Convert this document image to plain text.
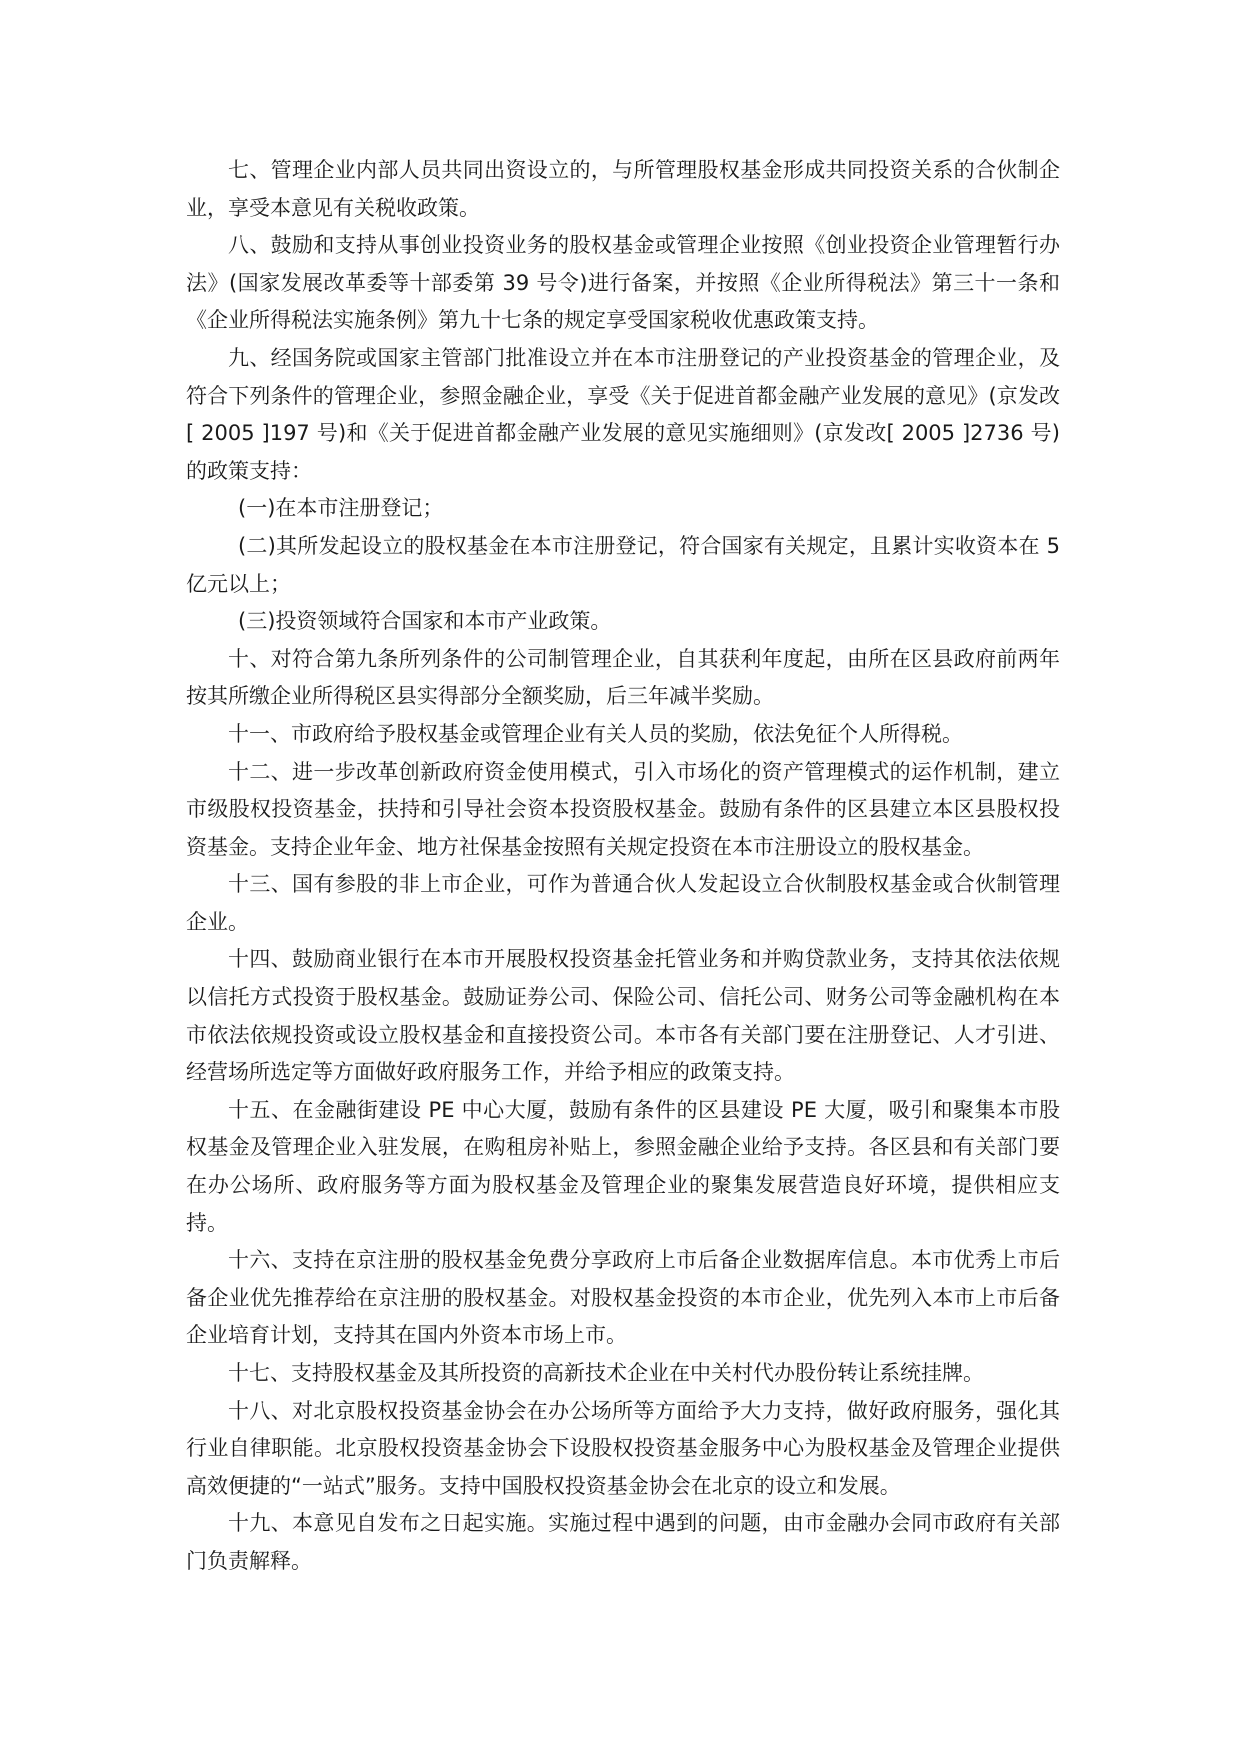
七、管理企业内部人员共同出资设立的，与所管理股权基金形成共同投资关系的合伙制企业，享受本意见有关税收政策。

八、鼓励和支持从事创业投资业务的股权基金或管理企业按照《创业投资企业管理暂行办法》(国家发展改革委等十部委第 39 号令)进行备案，并按照《企业所得税法》第三十一条和《企业所得税法实施条例》第九十七条的规定享受国家税收优惠政策支持。

九、经国务院或国家主管部门批准设立并在本市注册登记的产业投资基金的管理企业，及符合下列条件的管理企业，参照金融企业，享受《关于促进首都金融产业发展的意见》(京发改[ 2005 ]197 号)和《关于促进首都金融产业发展的意见实施细则》(京发改[ 2005 ]2736 号)的政策支持：

(一)在本市注册登记；

(二)其所发起设立的股权基金在本市注册登记，符合国家有关规定，且累计实收资本在 5 亿元以上；

(三)投资领域符合国家和本市产业政策。

十、对符合第九条所列条件的公司制管理企业，自其获利年度起，由所在区县政府前两年按其所缴企业所得税区县实得部分全额奖励，后三年减半奖励。

十一、市政府给予股权基金或管理企业有关人员的奖励，依法免征个人所得税。

十二、进一步改革创新政府资金使用模式，引入市场化的资产管理模式的运作机制，建立市级股权投资基金，扶持和引导社会资本投资股权基金。鼓励有条件的区县建立本区县股权投资基金。支持企业年金、地方社保基金按照有关规定投资在本市注册设立的股权基金。

十三、国有参股的非上市企业，可作为普通合伙人发起设立合伙制股权基金或合伙制管理企业。

十四、鼓励商业银行在本市开展股权投资基金托管业务和并购贷款业务，支持其依法依规以信托方式投资于股权基金。鼓励证券公司、保险公司、信托公司、财务公司等金融机构在本市依法依规投资或设立股权基金和直接投资公司。本市各有关部门要在注册登记、人才引进、经营场所选定等方面做好政府服务工作，并给予相应的政策支持。

十五、在金融街建设 PE 中心大厦，鼓励有条件的区县建设 PE 大厦，吸引和聚集本市股权基金及管理企业入驻发展，在购租房补贴上，参照金融企业给予支持。各区县和有关部门要在办公场所、政府服务等方面为股权基金及管理企业的聚集发展营造良好环境，提供相应支持。

十六、支持在京注册的股权基金免费分享政府上市后备企业数据库信息。本市优秀上市后备企业优先推荐给在京注册的股权基金。对股权基金投资的本市企业，优先列入本市上市后备企业培育计划，支持其在国内外资本市场上市。

十七、支持股权基金及其所投资的高新技术企业在中关村代办股份转让系统挂牌。

十八、对北京股权投资基金协会在办公场所等方面给予大力支持，做好政府服务，强化其行业自律职能。北京股权投资基金协会下设股权投资基金服务中心为股权基金及管理企业提供高效便捷的“一站式”服务。支持中国股权投资基金协会在北京的设立和发展。

十九、本意见自发布之日起实施。实施过程中遇到的问题，由市金融办会同市政府有关部门负责解释。
